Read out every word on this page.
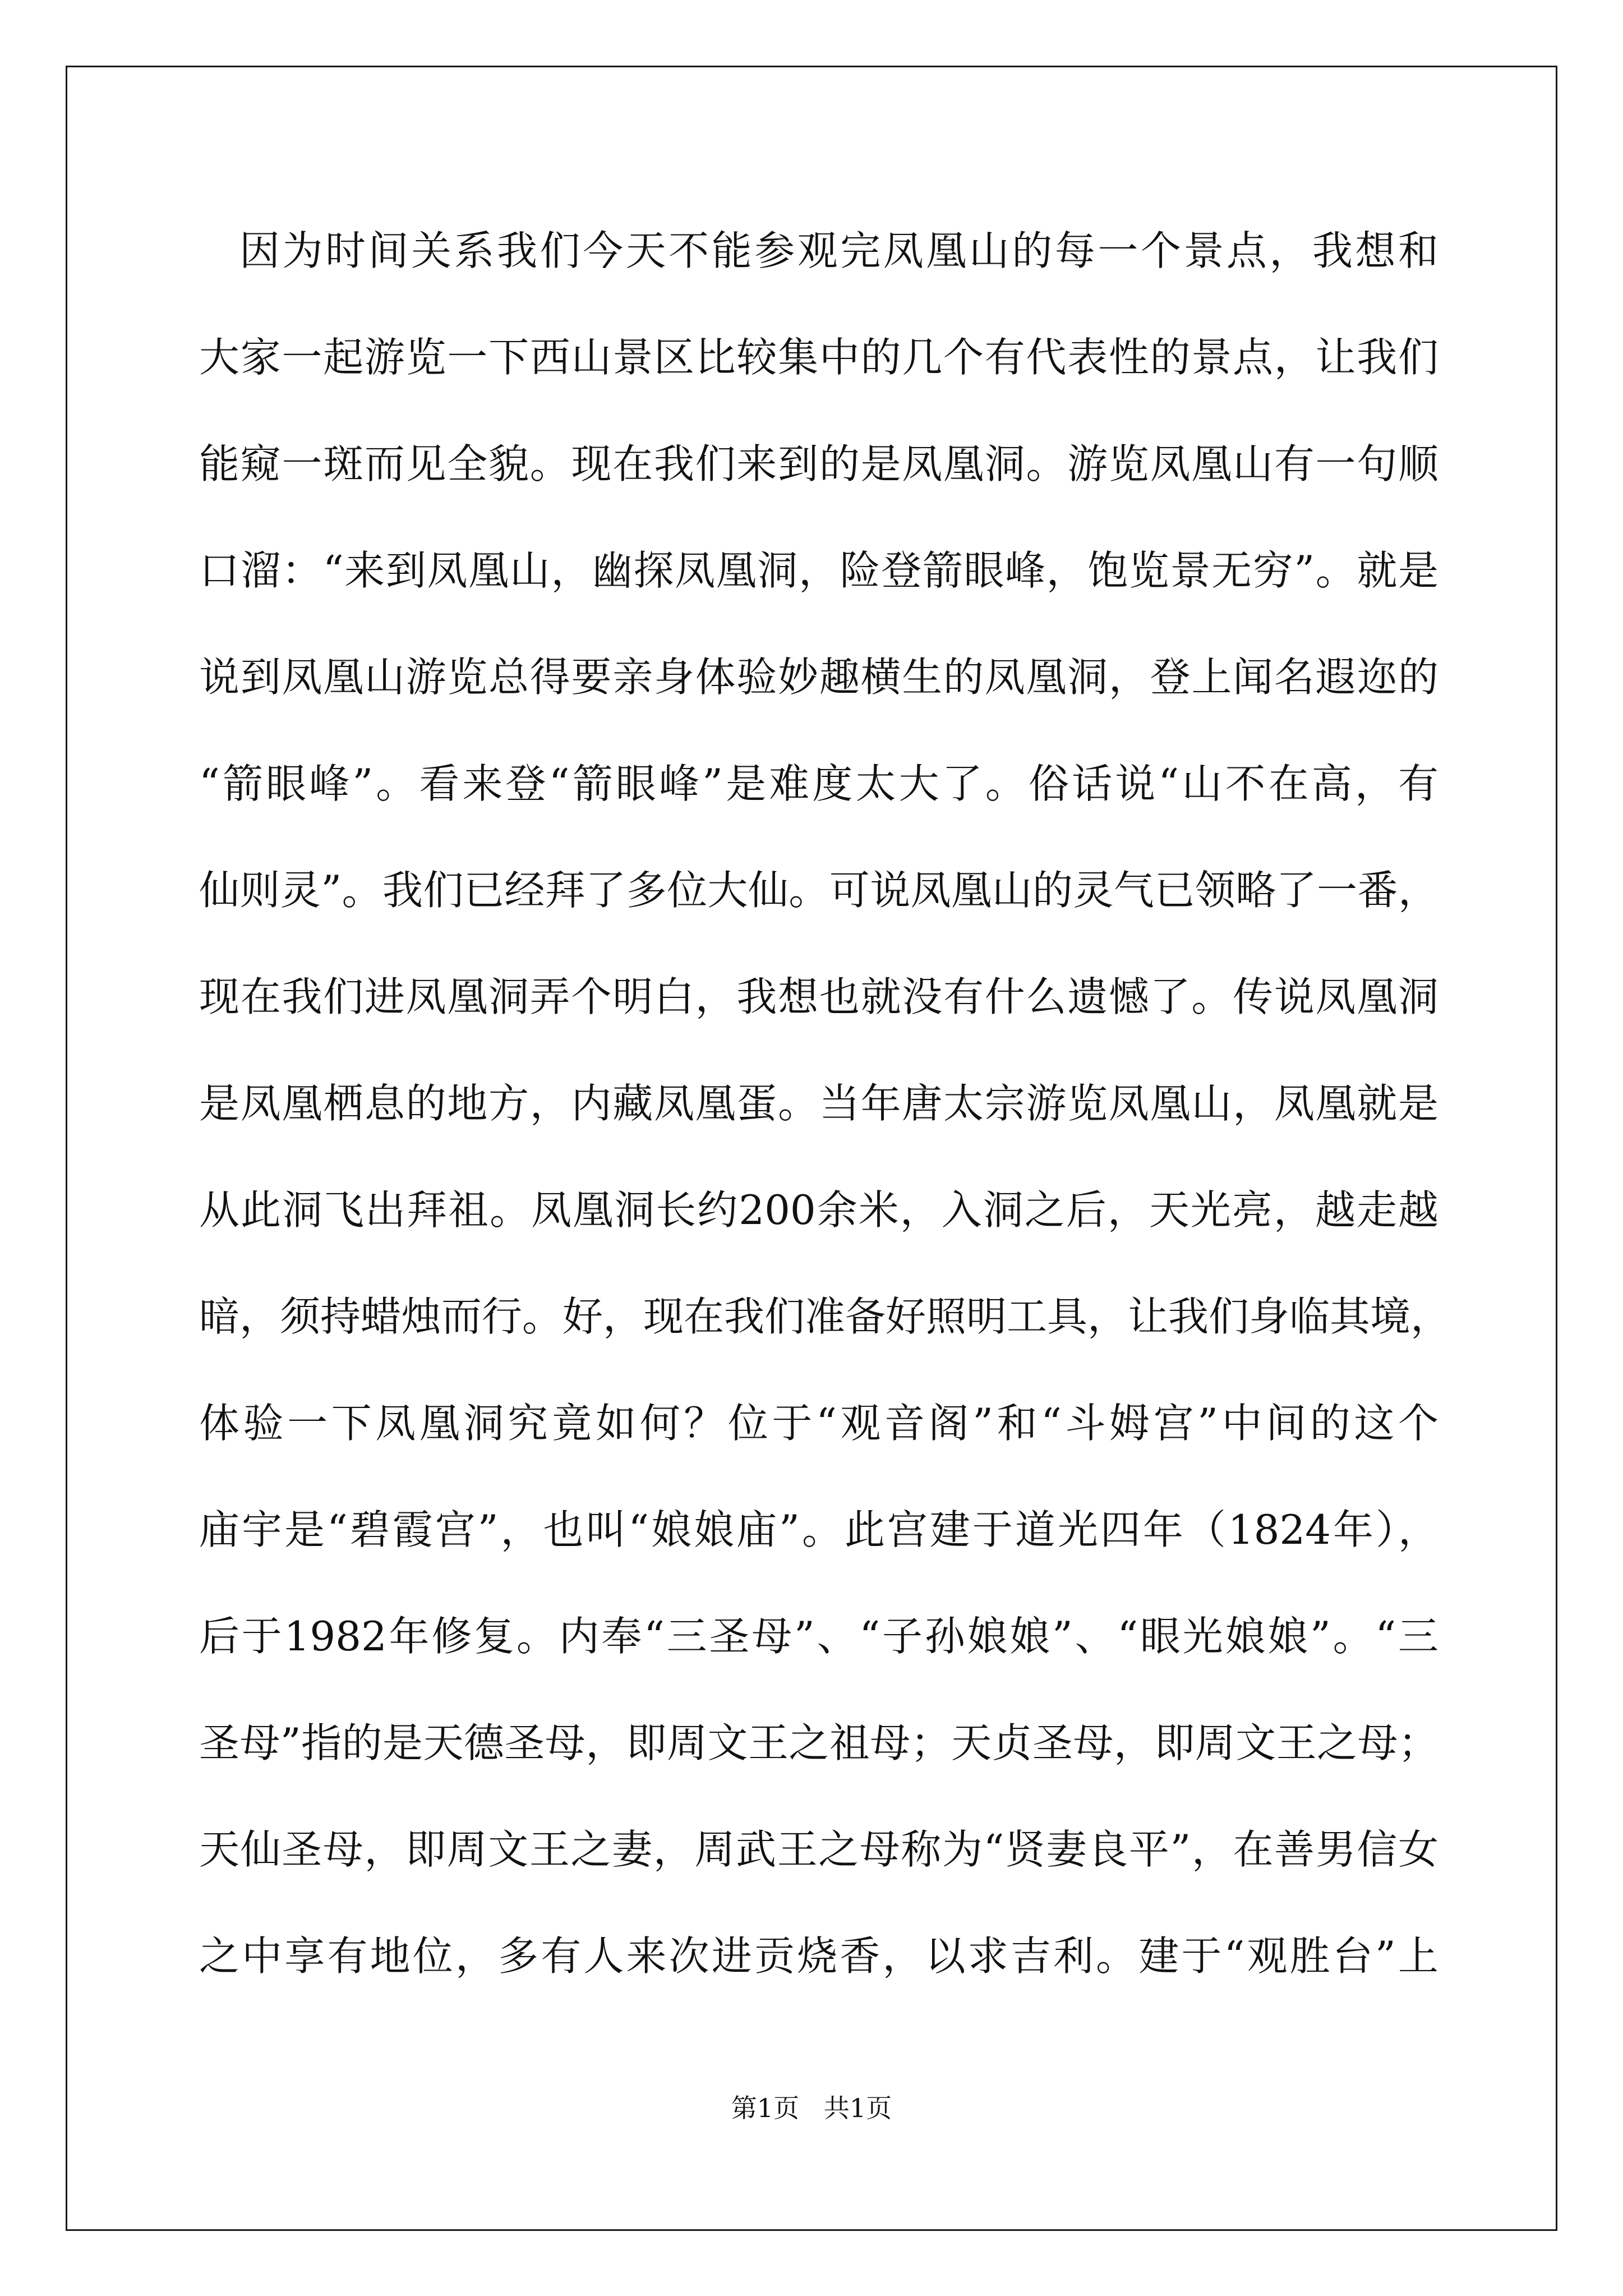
因为时间关系我们今天不能参观完凤凰山的每一个景点，我想和
大家一起游览一下西山景区比较集中的几个有代表性的景点，让我们
能窥一斑而见全貌。现在我们来到的是凤凰洞。游览凤凰山有一句顺
口溜：“来到凤凰山，幽探凤凰洞，险登箭眼峰，饱览景无穷”。就是
说到凤凰山游览总得要亲身体验妙趣横生的凤凰洞，登上闻名遐迩的
“箭眼峰”。看来登“箭眼峰”是难度太大了。俗话说“山不在高，有
仙则灵”。我们已经拜了多位大仙。可说凤凰山的灵气已领略了一番，
现在我们进凤凰洞弄个明白，我想也就没有什么遗憾了。传说凤凰洞
是凤凰栖息的地方，内藏凤凰蛋。当年唐太宗游览凤凰山，凤凰就是
从此洞飞出拜祖。凤凰洞长约200余米，入洞之后，天光亮，越走越
暗，须持蜡烛而行。好，现在我们准备好照明工具，让我们身临其境，
体验一下凤凰洞究竟如何？位于“观音阁”和“斗姆宫”中间的这个
庙宇是“碧霞宫”，也叫“娘娘庙”。此宫建于道光四年（1824年），
后于1982年修复。内奉“三圣母”、“子孙娘娘”、“眼光娘娘”。“三
圣母”指的是天德圣母，即周文王之祖母；天贞圣母，即周文王之母；
天仙圣母，即周文王之妻，周武王之母称为“贤妻良平”，在善男信女
之中享有地位，多有人来次进贡烧香，以求吉利。建于“观胜台”上
第1页   共1页
